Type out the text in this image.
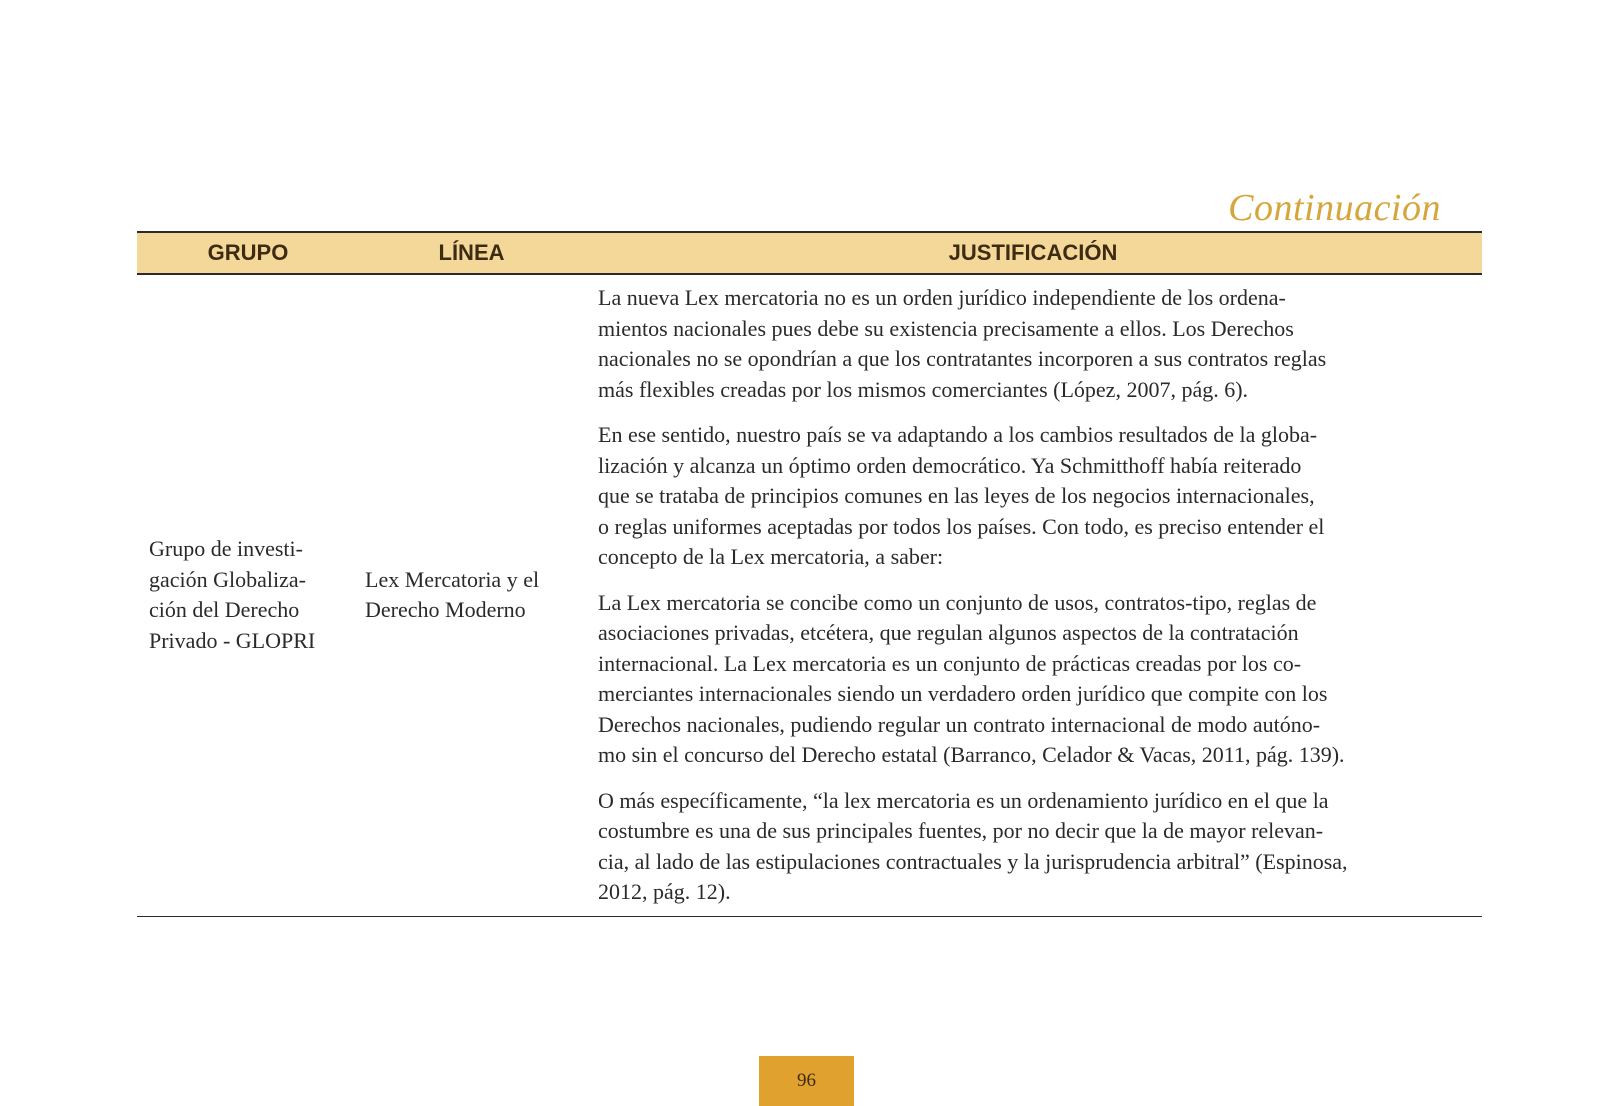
Continuación
GRUPO	LÍNEA	JUSTIFICACIÓN
Grupo de investi-
gación Globaliza-
ción del Derecho
Privado - GLOPRI
Lex Mercatoria y el
Derecho Moderno

La nueva Lex mercatoria no es un orden jurídico independiente de los ordena-
mientos nacionales pues debe su existencia precisamente a ellos. Los Derechos
nacionales no se opondrían a que los contratantes incorporen a sus contratos reglas
más flexibles creadas por los mismos comerciantes (López, 2007, pág. 6).

En ese sentido, nuestro país se va adaptando a los cambios resultados de la globa-
lización y alcanza un óptimo orden democrático. Ya Schmitthoff había reiterado
que se trataba de principios comunes en las leyes de los negocios internacionales,
o reglas uniformes aceptadas por todos los países. Con todo, es preciso entender el
concepto de la Lex mercatoria, a saber:

La Lex mercatoria se concibe como un conjunto de usos, contratos-tipo, reglas de
asociaciones privadas, etcétera, que regulan algunos aspectos de la contratación
internacional. La Lex mercatoria es un conjunto de prácticas creadas por los co-
merciantes internacionales siendo un verdadero orden jurídico que compite con los
Derechos nacionales, pudiendo regular un contrato internacional de modo autóno-
mo sin el concurso del Derecho estatal (Barranco, Celador & Vacas, 2011, pág. 139).

O más específicamente, “la lex mercatoria es un ordenamiento jurídico en el que la
costumbre es una de sus principales fuentes, por no decir que la de mayor relevan-
cia, al lado de las estipulaciones contractuales y la jurisprudencia arbitral” (Espinosa,
2012, pág. 12).

96
